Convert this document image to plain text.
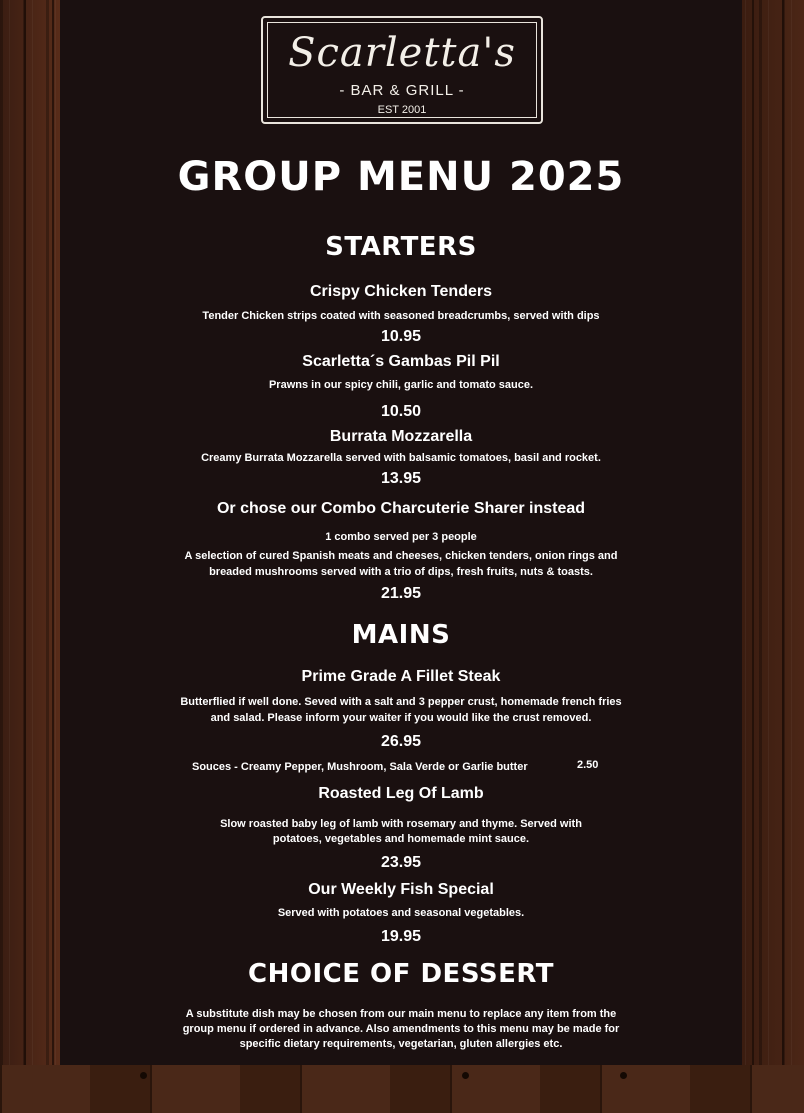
Scarletta's
- BAR & GRILL -
EST 2001
GROUP MENU 2025
STARTERS
Crispy Chicken Tenders
Tender Chicken strips coated with seasoned breadcrumbs, served with dips
10.95
Scarletta´s Gambas Pil Pil
Prawns in our spicy chili, garlic and tomato sauce.
10.50
Burrata Mozzarella
Creamy Burrata Mozzarella served with balsamic tomatoes, basil and rocket.
13.95
Or chose our Combo Charcuterie Sharer instead
1 combo served per 3 people
A selection of cured Spanish meats and cheeses, chicken tenders, onion rings and
breaded mushrooms served with a trio of dips, fresh fruits, nuts & toasts.
21.95
MAINS
Prime Grade A Fillet Steak
Butterflied if well done. Seved with a salt and 3 pepper crust, homemade french fries
and salad. Please inform your waiter if you would like the crust removed.
26.95
Souces - Creamy Pepper, Mushroom, Sala Verde or Garlie butter	2.50
Roasted Leg Of Lamb
Slow roasted baby leg of lamb with rosemary and thyme. Served with
potatoes, vegetables and homemade mint sauce.
23.95
Our Weekly Fish Special
Served with potatoes and seasonal vegetables.
19.95
CHOICE OF DESSERT
A substitute dish may be chosen from our main menu to replace any item from the
group menu if ordered in advance. Also amendments to this menu may be made for
specific dietary requirements, vegetarian, gluten allergies etc.
